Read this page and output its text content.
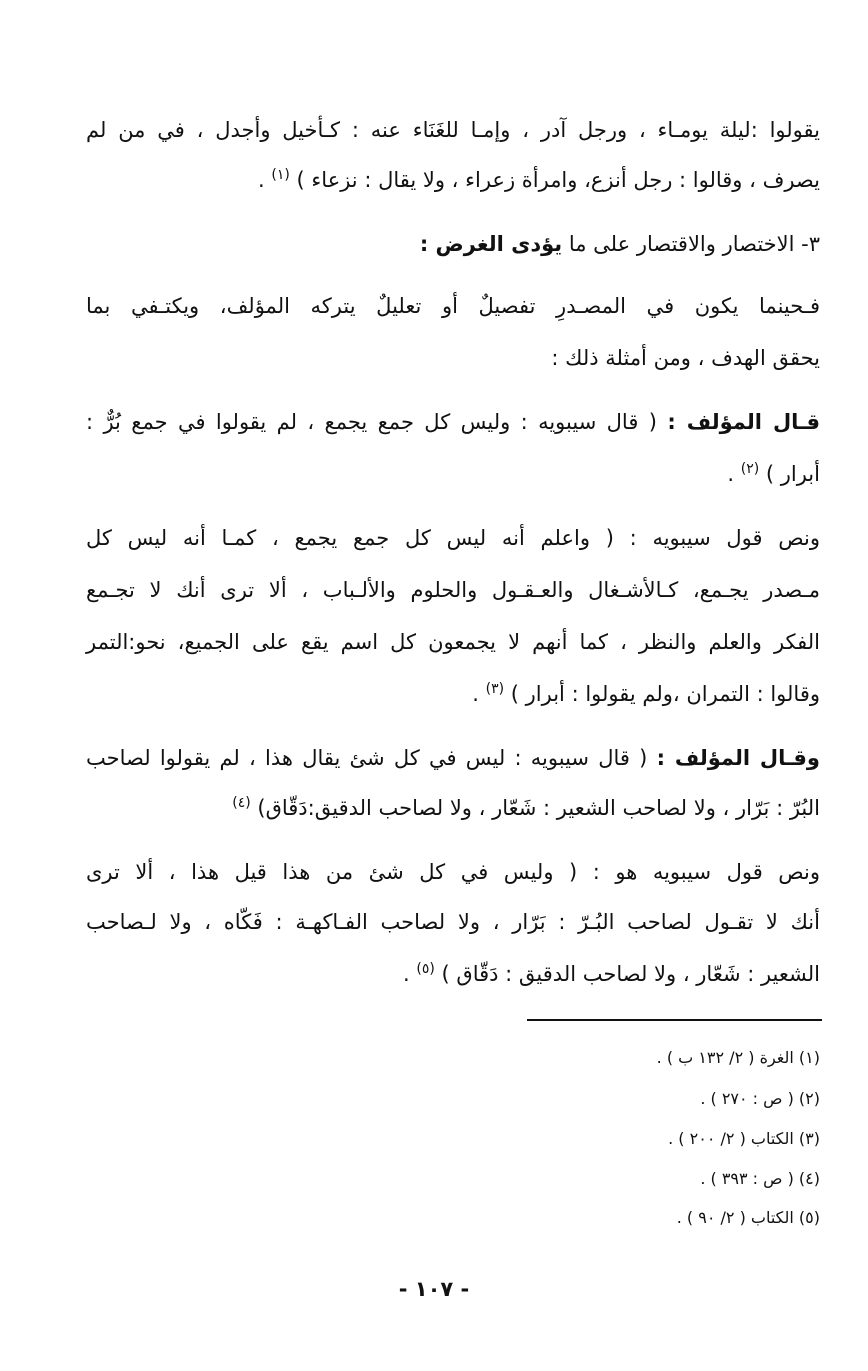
يقولوا :ليلة يومـاء ، ورجل آدر ، وإمـا للغَنَاء عنه : كـأخيل وأجدل ، في من لم
يصرف ، وقالوا : رجل أنزع، وامرأة زعراء ، ولا يقال : نزعاء ) $^{(١)}$ .
٣- الاختصار والاقتصار على ما يؤدى الغرض :
فـحينما يكون في المصـدرِ تفصيلٌ أو تعليلٌ يتركه المؤلف، ويكتـفي بما
يحقق الهدف ، ومن أمثلة ذلك :
قـال المؤلف : ( قال سيبويه : وليس كل جمع يجمع ، لم يقولوا في جمع بُرٌّ :
أبرار ) $^{(٢)}$ .
ونص قول سيبويه : ( واعلم أنه ليس كل جمع يجمع ، كمـا أنه ليس كل
مـصدر يجـمع، كـالأشـغال والعـقـول والحلوم والألـباب ، ألا ترى أنك لا تجـمع
الفكر والعلم والنظر ، كما أنهم لا يجمعون كل اسم يقع على الجميع، نحو:التمر
وقالوا : التمران ،ولم يقولوا : أبرار ) $^{(٣)}$ .
وقـال المؤلف : ( قال سيبويه : ليس في كل شئ يقال هذا ، لم يقولوا لصاحب
البُرّ : بَرّار ، ولا لصاحب الشعير : شَعّار ، ولا لصاحب الدقيق:دَقّاق) $^{(٤)}$
ونص قول سيبويه هو : ( وليس في كل شئ من هذا قيل هذا ، ألا ترى
أنك لا تقـول لصاحب البُـرّ : بَرّار ، ولا لصاحب الفـاكهـة : فَكّاه ، ولا لـصاحب
الشعير : شَعّار ، ولا لصاحب الدقيق : دَقّاق ) $^{(٥)}$ .
(١) الغرة ( ٢/ ١٣٢ ب ) .
(٢) ( ص : ٢٧٠ ) .
(٣) الكتاب ( ٢/ ٢٠٠ ) .
(٤) ( ص : ٣٩٣ ) .
(٥) الكتاب ( ٢/ ٩٠ ) .
- ١٠٧ -
